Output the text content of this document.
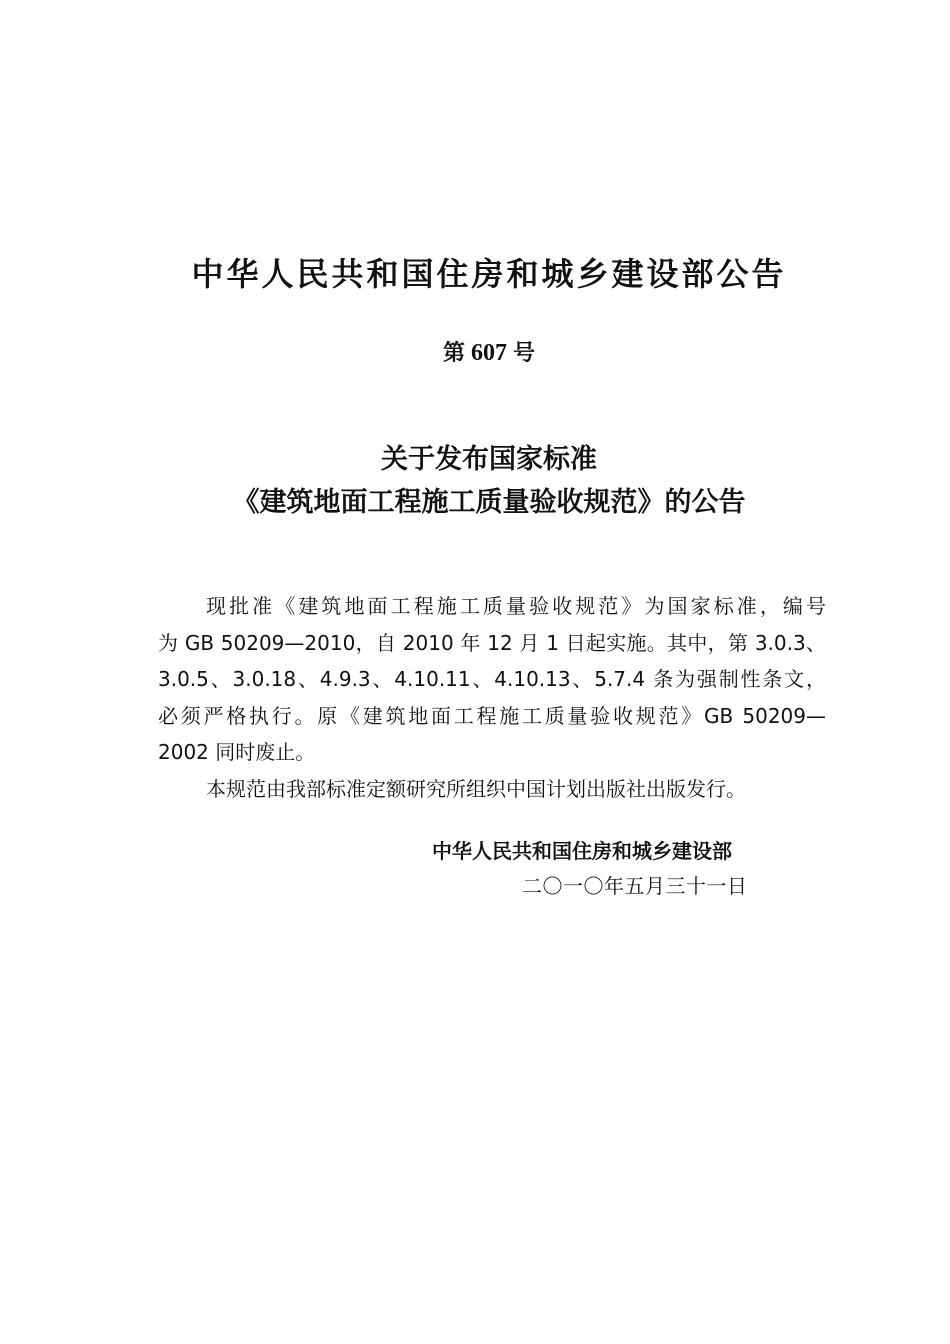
中华人民共和国住房和城乡建设部公告
第 607 号
关于发布国家标准
《建筑地面工程施工质量验收规范》的公告
现批准《建筑地面工程施工质量验收规范》为国家标准，编号
为 GB 50209—2010，自 2010 年 12 月 1 日起实施。其中，第 3.0.3、
3.0.5、3.0.18、4.9.3、4.10.11、4.10.13、5.7.4 条为强制性条文，
必须严格执行。原《建筑地面工程施工质量验收规范》GB 50209—
2002 同时废止。
本规范由我部标准定额研究所组织中国计划出版社出版发行。

中华人民共和国住房和城乡建设部

二〇一〇年五月三十一日
